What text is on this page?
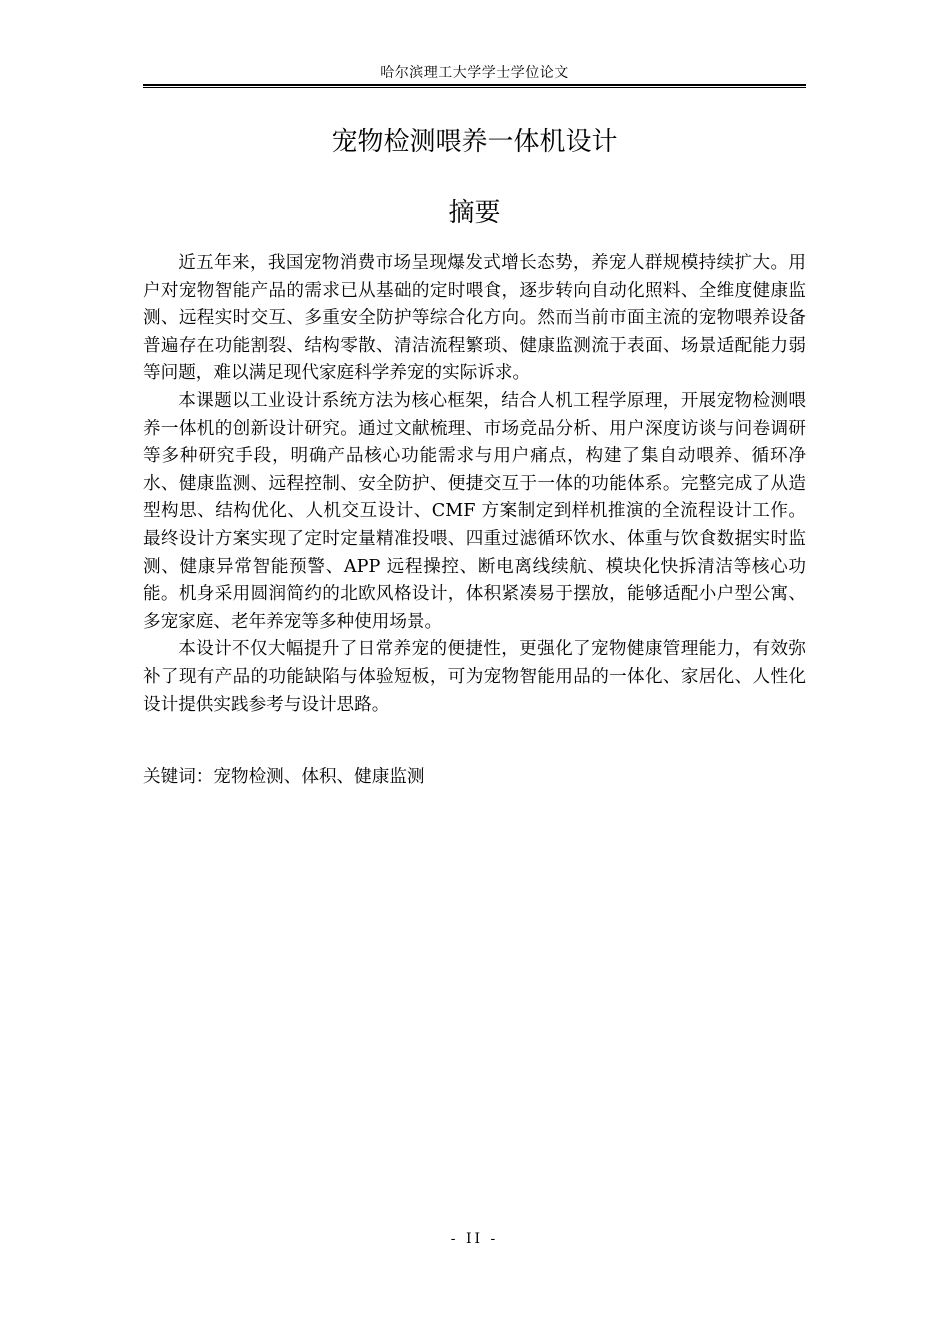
哈尔滨理工大学学士学位论文
宠物检测喂养一体机设计
摘要

近五年来，我国宠物消费市场呈现爆发式增长态势，养宠人群规模持续扩大。用户对宠物智能产品的需求已从基础的定时喂食，逐步转向自动化照料、全维度健康监测、远程实时交互、多重安全防护等综合化方向。然而当前市面主流的宠物喂养设备普遍存在功能割裂、结构零散、清洁流程繁琐、健康监测流于表面、场景适配能力弱等问题，难以满足现代家庭科学养宠的实际诉求。

本课题以工业设计系统方法为核心框架，结合人机工程学原理，开展宠物检测喂养一体机的创新设计研究。通过文献梳理、市场竞品分析、用户深度访谈与问卷调研等多种研究手段，明确产品核心功能需求与用户痛点，构建了集自动喂养、循环净水、健康监测、远程控制、安全防护、便捷交互于一体的功能体系。完整完成了从造型构思、结构优化、人机交互设计、CMF 方案制定到样机推演的全流程设计工作。最终设计方案实现了定时定量精准投喂、四重过滤循环饮水、体重与饮食数据实时监测、健康异常智能预警、APP 远程操控、断电离线续航、模块化快拆清洁等核心功能。机身采用圆润简约的北欧风格设计，体积紧凑易于摆放，能够适配小户型公寓、多宠家庭、老年养宠等多种使用场景。

本设计不仅大幅提升了日常养宠的便捷性，更强化了宠物健康管理能力，有效弥补了现有产品的功能缺陷与体验短板，可为宠物智能用品的一体化、家居化、人性化设计提供实践参考与设计思路。

关键词：宠物检测、体积、健康监测
- II -
